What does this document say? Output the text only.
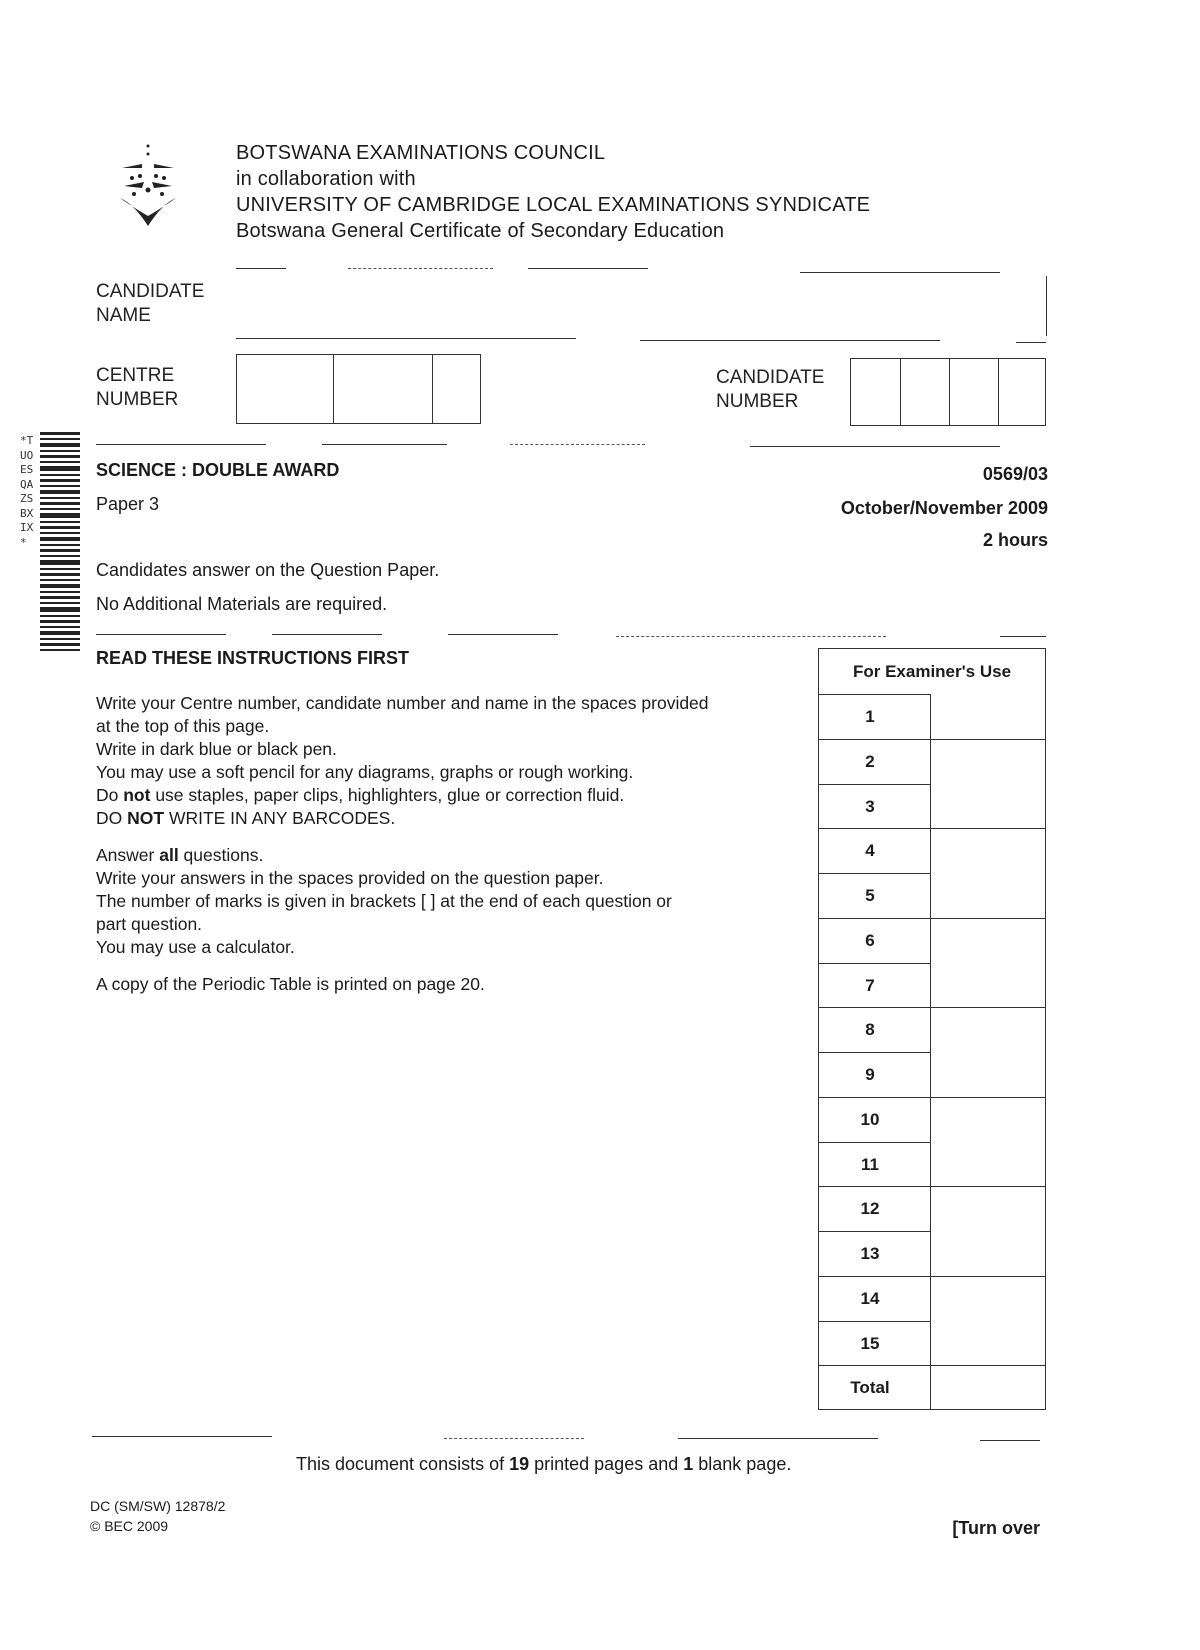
BOTSWANA EXAMINATIONS COUNCIL
in collaboration with
UNIVERSITY OF CAMBRIDGE LOCAL EXAMINATIONS SYNDICATE
Botswana General Certificate of Secondary Education
CANDIDATE
NAME
CENTRE
NUMBER
CANDIDATE
NUMBER
*TUOESQAZSBXIX*
SCIENCE : DOUBLE AWARD
Paper 3
0569/03
October/November 2009
2 hours
Candidates answer on the Question Paper.
No Additional Materials are required.
READ THESE INSTRUCTIONS FIRST

Write your Centre number, candidate number and name in the spaces provided

at the top of this page.

Write in dark blue or black pen.

You may use a soft pencil for any diagrams, graphs or rough working.

Do not use staples, paper clips, highlighters, glue or correction fluid.

DO NOT WRITE IN ANY BARCODES.

Answer all questions.

Write your answers in the spaces provided on the question paper.

The number of marks is given in brackets [ ] at the end of each question or

part question.

You may use a calculator.

A copy of the Periodic Table is printed on page 20.

For Examiner's Use
1
2
3
4
5
6
7
8
9
10
11
12
13
14
15
Total
This document consists of 19 printed pages and 1 blank page.
DC (SM/SW) 12878/2
© BEC 2009	[Turn over
